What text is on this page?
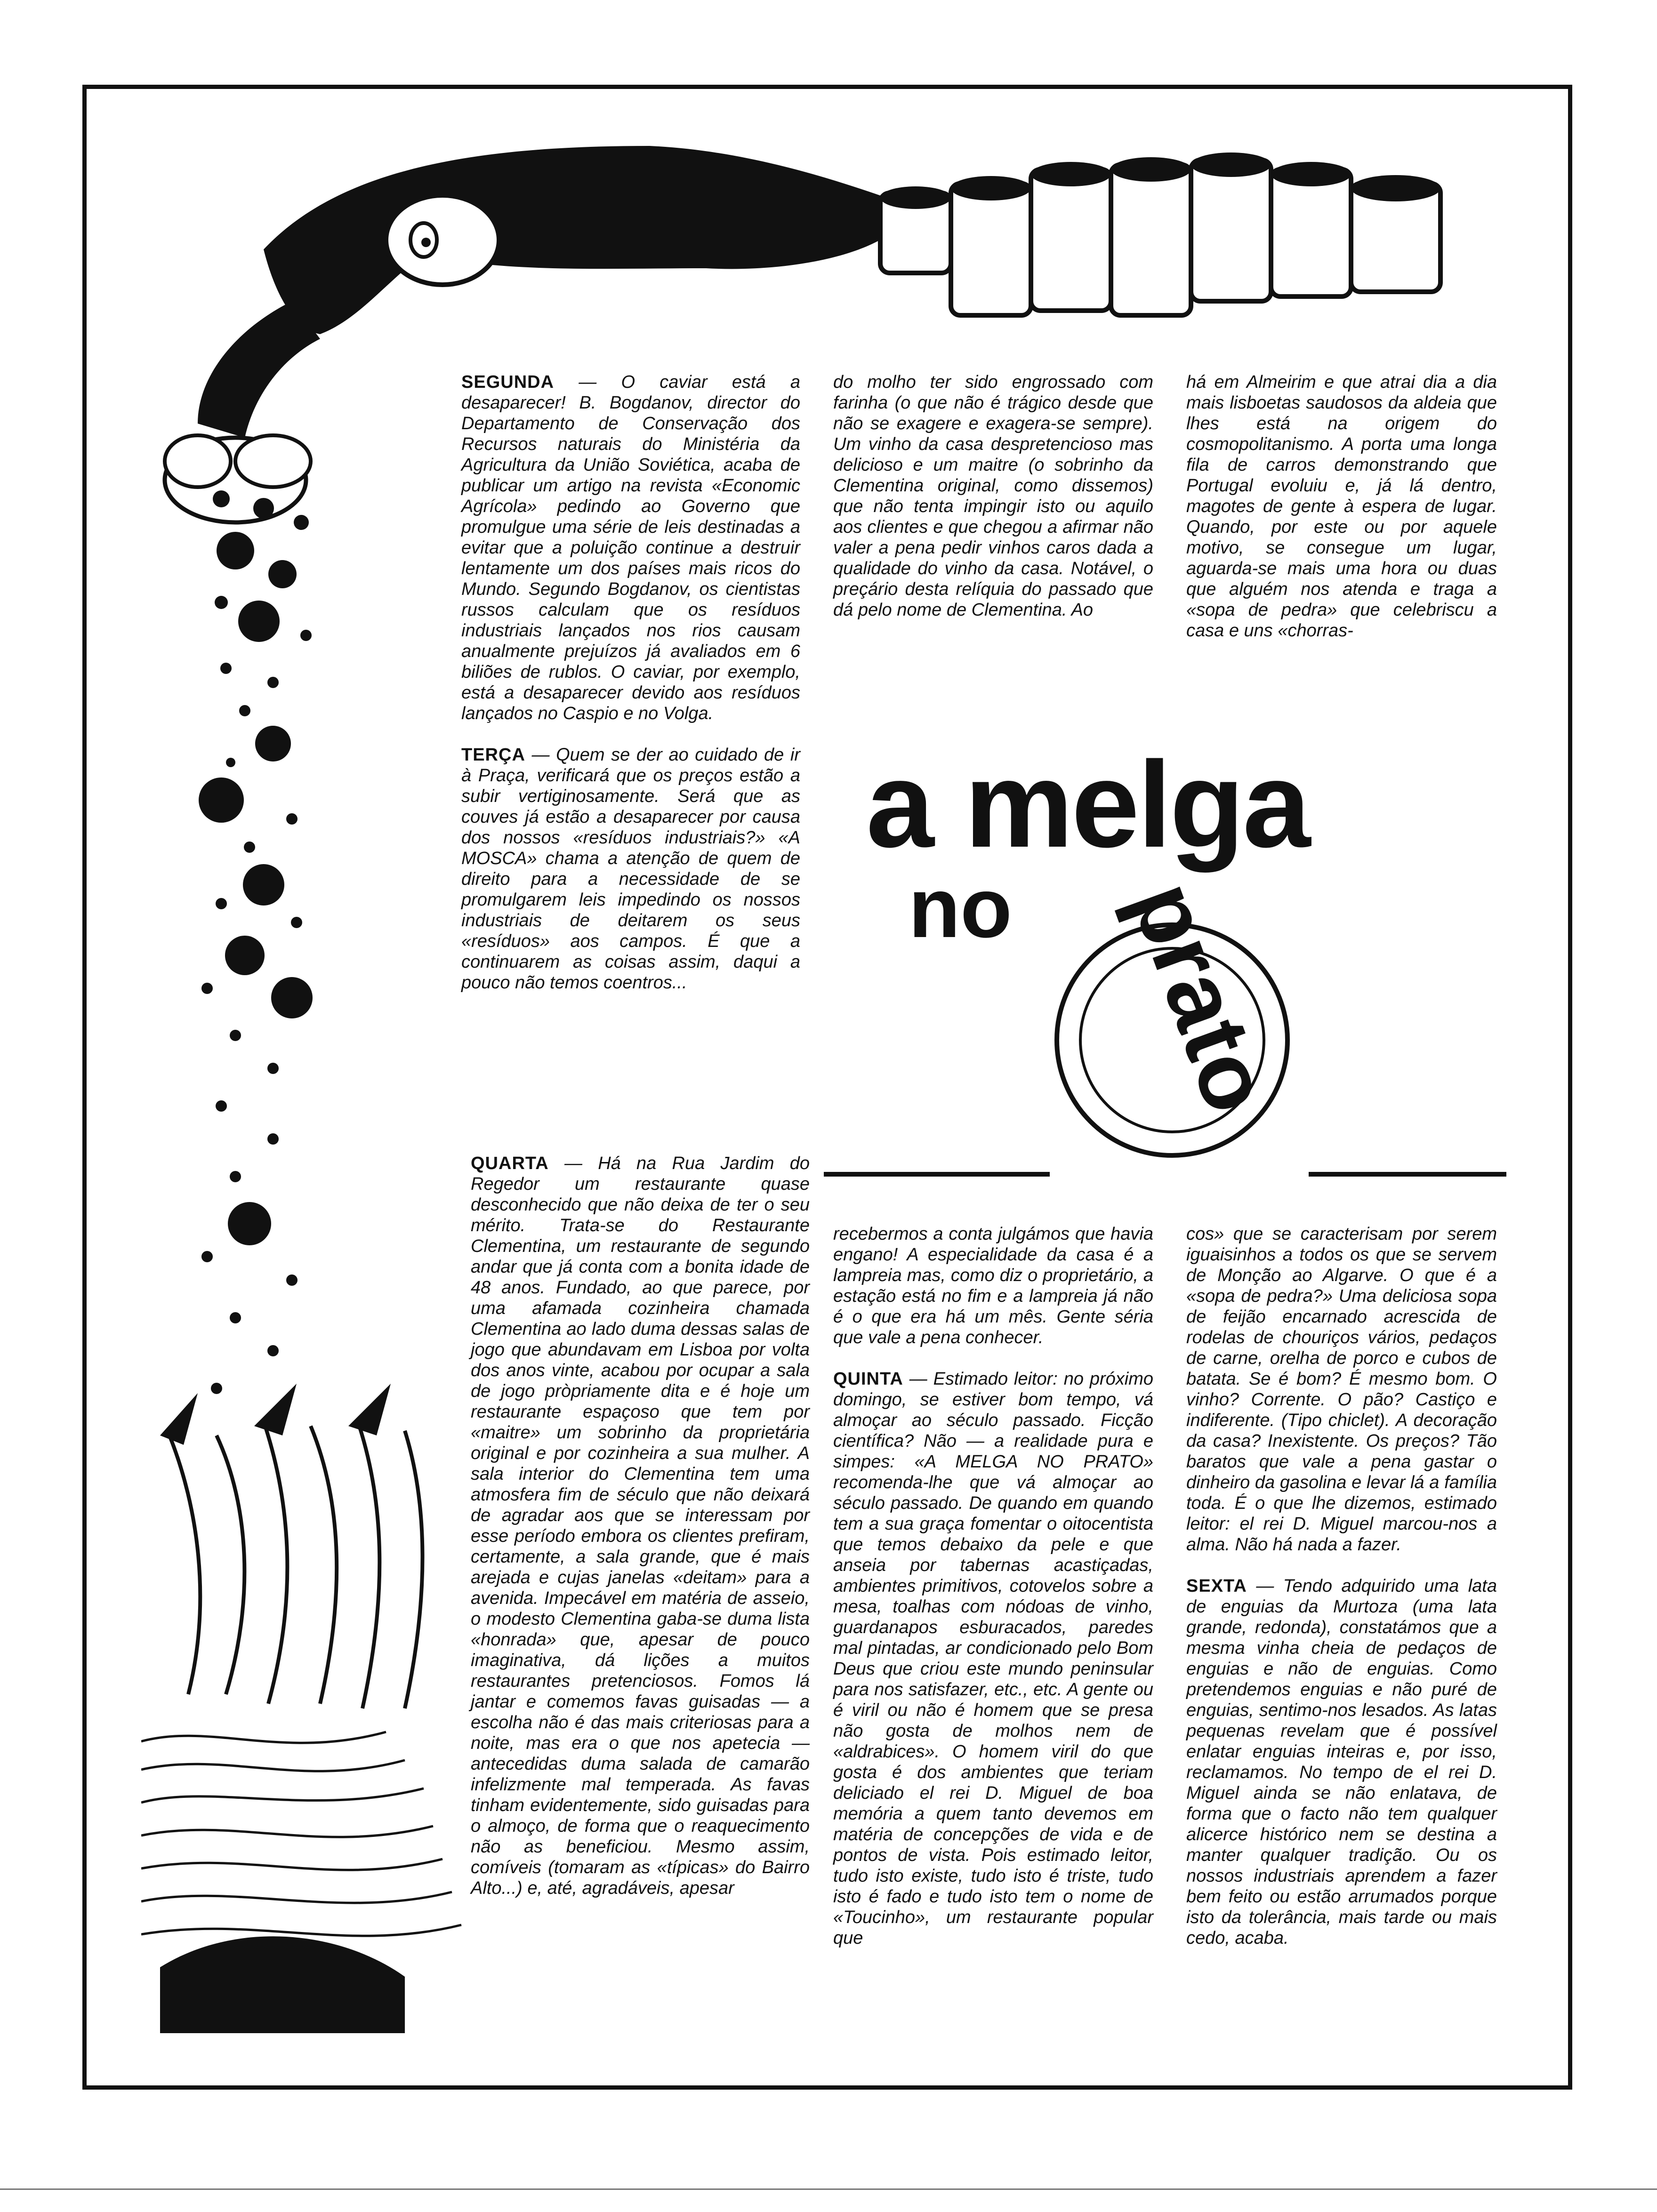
a melga
no prato

SEGUNDA — O caviar está a desaparecer! B. Bogdanov, director do Departamento de Conservação dos Recursos naturais do Ministéria da Agricultura da União Soviética, acaba de publicar um artigo na revista «Economic Agrícola» pedindo ao Governo que promulgue uma série de leis destinadas a evitar que a poluição continue a destruir lentamente um dos países mais ricos do Mundo. Segundo Bogdanov, os cientistas russos calculam que os resíduos industriais lançados nos rios causam anualmente prejuízos já avaliados em 6 biliões de rublos. O caviar, por exemplo, está a desaparecer devido aos resíduos lançados no Caspio e no Volga.

TERÇA — Quem se der ao cuidado de ir à Praça, verificará que os preços estão a subir vertiginosamente. Será que as couves já estão a desaparecer por causa dos nossos «resíduos industriais?» «A MOSCA» chama a atenção de quem de direito para a necessidade de se promulgarem leis impedindo os nossos industriais de deitarem os seus «resíduos» aos campos. É que a continuarem as coisas assim, daqui a pouco não temos coentros...

do molho ter sido engrossado com farinha (o que não é trágico desde que não se exagere e exagera-se sempre). Um vinho da casa despretencioso mas delicioso e um maitre (o sobrinho da Clementina original, como dissemos) que não tenta impingir isto ou aquilo aos clientes e que chegou a afirmar não valer a pena pedir vinhos caros dada a qualidade do vinho da casa. Notável, o preçário desta relíquia do passado que dá pelo nome de Clementina. Ao

há em Almeirim e que atrai dia a dia mais lisboetas saudosos da aldeia que lhes está na origem do cosmopolitanismo. A porta uma longa fila de carros demonstrando que Portugal evoluiu e, já lá dentro, magotes de gente à espera de lugar. Quando, por este ou por aquele motivo, se consegue um lugar, aguarda-se mais uma hora ou duas que alguém nos atenda e traga a «sopa de pedra» que celebriscu a casa e uns «chorras-

QUARTA — Há na Rua Jardim do Regedor um restaurante quase desconhecido que não deixa de ter o seu mérito. Trata-se do Restaurante Clementina, um restaurante de segundo andar que já conta com a bonita idade de 48 anos. Fundado, ao que parece, por uma afamada cozinheira chamada Clementina ao lado duma dessas salas de jogo que abundavam em Lisboa por volta dos anos vinte, acabou por ocupar a sala de jogo pròpriamente dita e é hoje um restaurante espaçoso que tem por «maitre» um sobrinho da proprietária original e por cozinheira a sua mulher. A sala interior do Clementina tem uma atmosfera fim de século que não deixará de agradar aos que se interessam por esse período embora os clientes prefiram, certamente, a sala grande, que é mais arejada e cujas janelas «deitam» para a avenida. Impecável em matéria de asseio, o modesto Clementina gaba-se duma lista «honrada» que, apesar de pouco imaginativa, dá lições a muitos restaurantes pretenciosos. Fomos lá jantar e comemos favas guisadas — a escolha não é das mais criteriosas para a noite, mas era o que nos apetecia — antecedidas duma salada de camarão infelizmente mal temperada. As favas tinham evidentemente, sido guisadas para o almoço, de forma que o reaquecimento não as beneficiou. Mesmo assim, comíveis (tomaram as «típicas» do Bairro Alto...) e, até, agradáveis, apesar

recebermos a conta julgámos que havia engano! A especialidade da casa é a lampreia mas, como diz o proprietário, a estação está no fim e a lampreia já não é o que era há um mês. Gente séria que vale a pena conhecer.

QUINTA — Estimado leitor: no próximo domingo, se estiver bom tempo, vá almoçar ao século passado. Ficção científica? Não — a realidade pura e simpes: «A MELGA NO PRATO» recomenda-lhe que vá almoçar ao século passado. De quando em quando tem a sua graça fomentar o oitocentista que temos debaixo da pele e que anseia por tabernas acastiçadas, ambientes primitivos, cotovelos sobre a mesa, toalhas com nódoas de vinho, guardanapos esburacados, paredes mal pintadas, ar condicionado pelo Bom Deus que criou este mundo peninsular para nos satisfazer, etc., etc. A gente ou é viril ou não é homem que se presa não gosta de molhos nem de «aldrabices». O homem viril do que gosta é dos ambientes que teriam deliciado el rei D. Miguel de boa memória a quem tanto devemos em matéria de concepções de vida e de pontos de vista. Pois estimado leitor, tudo isto existe, tudo isto é triste, tudo isto é fado e tudo isto tem o nome de «Toucinho», um restaurante popular que

cos» que se caracterisam por serem iguaisinhos a todos os que se servem de Monção ao Algarve. O que é a «sopa de pedra?» Uma deliciosa sopa de feijão encarnado acrescida de rodelas de chouriços vários, pedaços de carne, orelha de porco e cubos de batata. Se é bom? É mesmo bom. O vinho? Corrente. O pão? Castiço e indiferente. (Tipo chiclet). A decoração da casa? Inexistente. Os preços? Tão baratos que vale a pena gastar o dinheiro da gasolina e levar lá a família toda. É o que lhe dizemos, estimado leitor: el rei D. Miguel marcou-nos a alma. Não há nada a fazer.

SEXTA — Tendo adquirido uma lata de enguias da Murtoza (uma lata grande, redonda), constatámos que a mesma vinha cheia de pedaços de enguias e não de enguias. Como pretendemos enguias e não puré de enguias, sentimo-nos lesados. As latas pequenas revelam que é possível enlatar enguias inteiras e, por isso, reclamamos. No tempo de el rei D. Miguel ainda se não enlatava, de forma que o facto não tem qualquer alicerce histórico nem se destina a manter qualquer tradição. Ou os nossos industriais aprendem a fazer bem feito ou estão arrumados porque isto da tolerância, mais tarde ou mais cedo, acaba.
